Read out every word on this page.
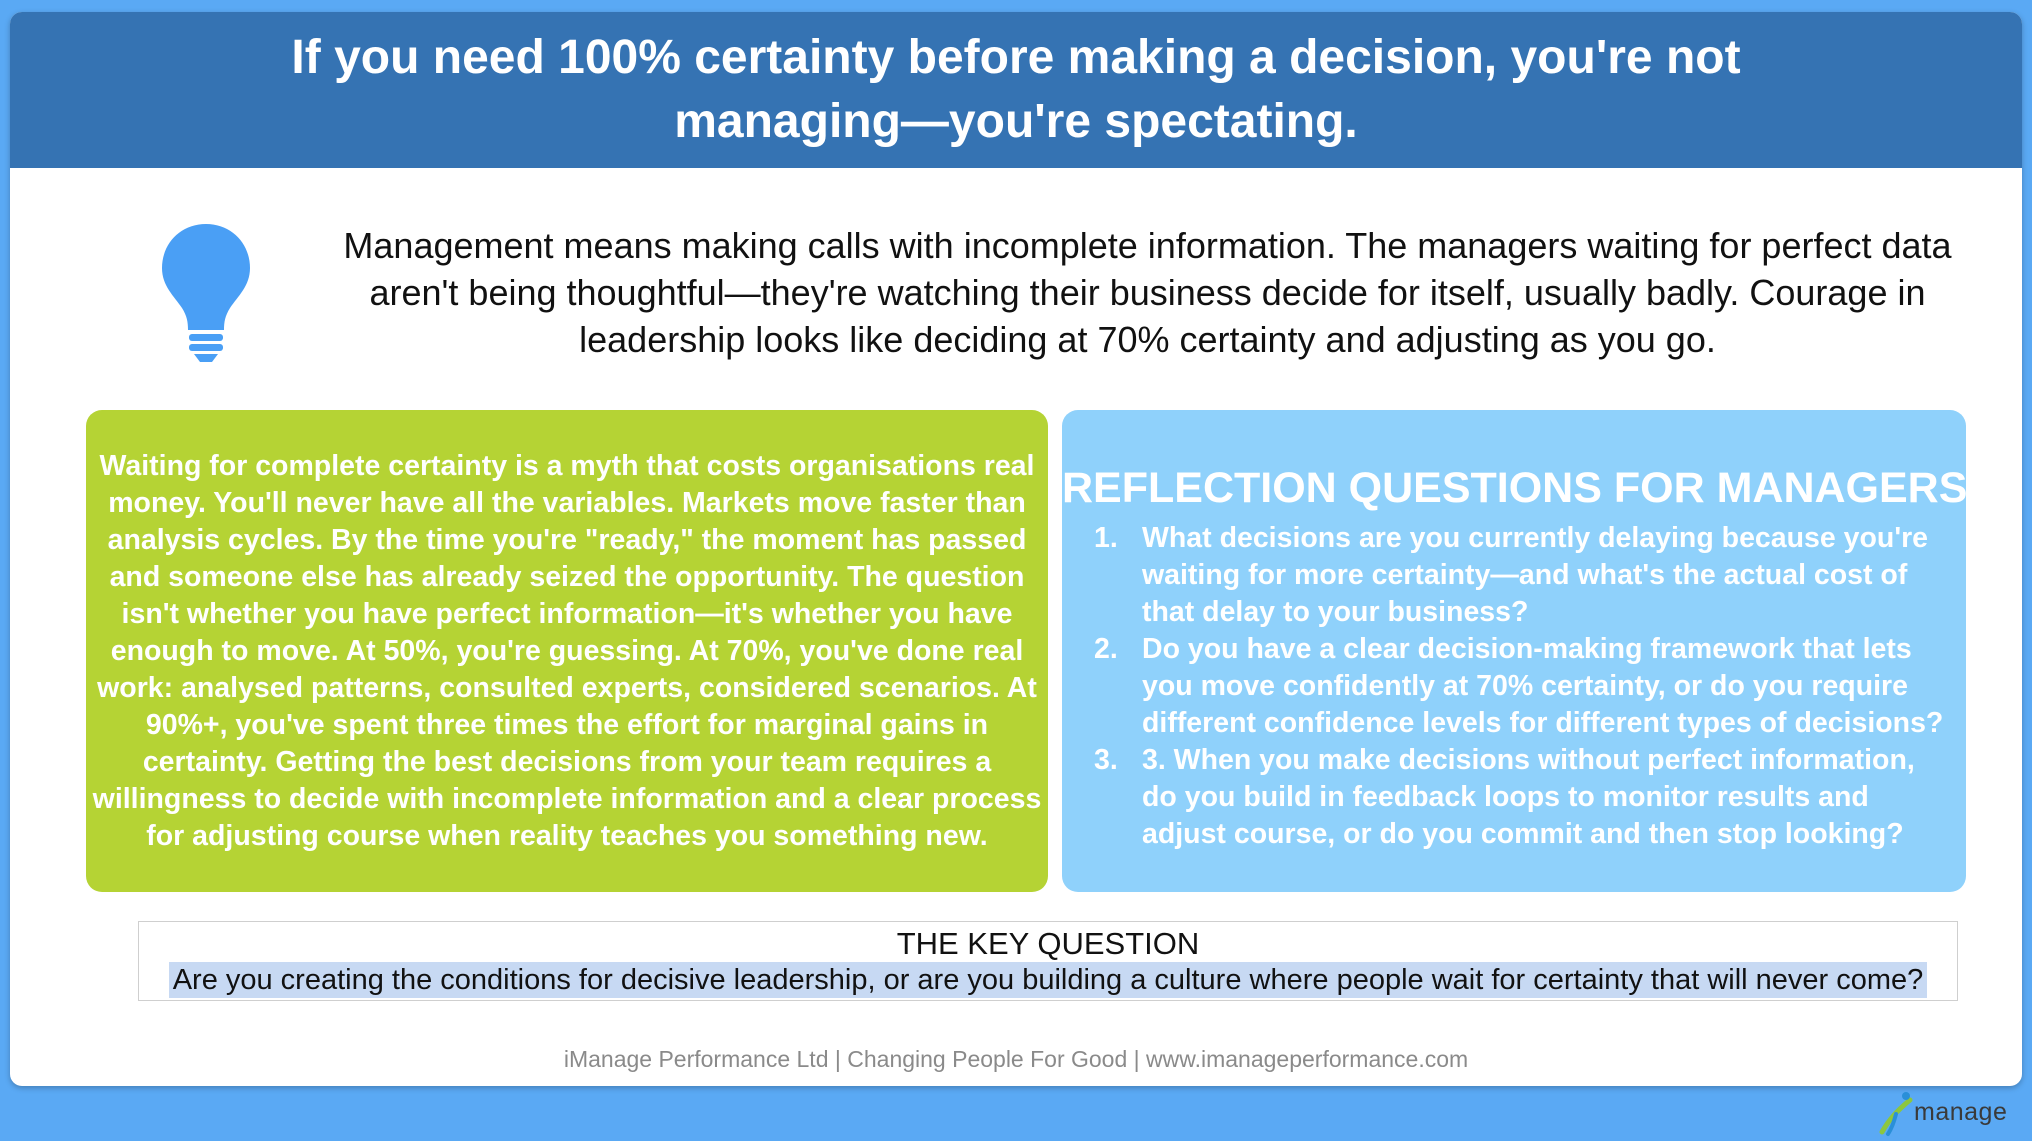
If you need 100% certainty before making a decision, you're not managing—you're spectating.

Management means making calls with incomplete information. The managers waiting for perfect data aren't being thoughtful—they're watching their business decide for itself, usually badly. Courage in leadership looks like deciding at 70% certainty and adjusting as you go.

Waiting for complete certainty is a myth that costs organisations real money. You'll never have all the variables. Markets move faster than analysis cycles. By the time you're "ready," the moment has passed and someone else has already seized the opportunity. The question isn't whether you have perfect information—it's whether you have enough to move. At 50%, you're guessing. At 70%, you've done real work: analysed patterns, consulted experts, considered scenarios. At 90%+, you've spent three times the effort for marginal gains in certainty. Getting the best decisions from your team requires a willingness to decide with incomplete information and a clear process for adjusting course when reality teaches you something new.

REFLECTION QUESTIONS FOR MANAGERS
1. What decisions are you currently delaying because you're waiting for more certainty—and what's the actual cost of that delay to your business?
2. Do you have a clear decision-making framework that lets you move confidently at 70% certainty, or do you require different confidence levels for different types of decisions?
3. 3. When you make decisions without perfect information, do you build in feedback loops to monitor results and adjust course, or do you commit and then stop looking?

THE KEY QUESTION

Are you creating the conditions for decisive leadership, or are you building a culture where people wait for certainty that will never come?

iManage Performance Ltd | Changing People For Good | www.imanageperformance.com

manage
